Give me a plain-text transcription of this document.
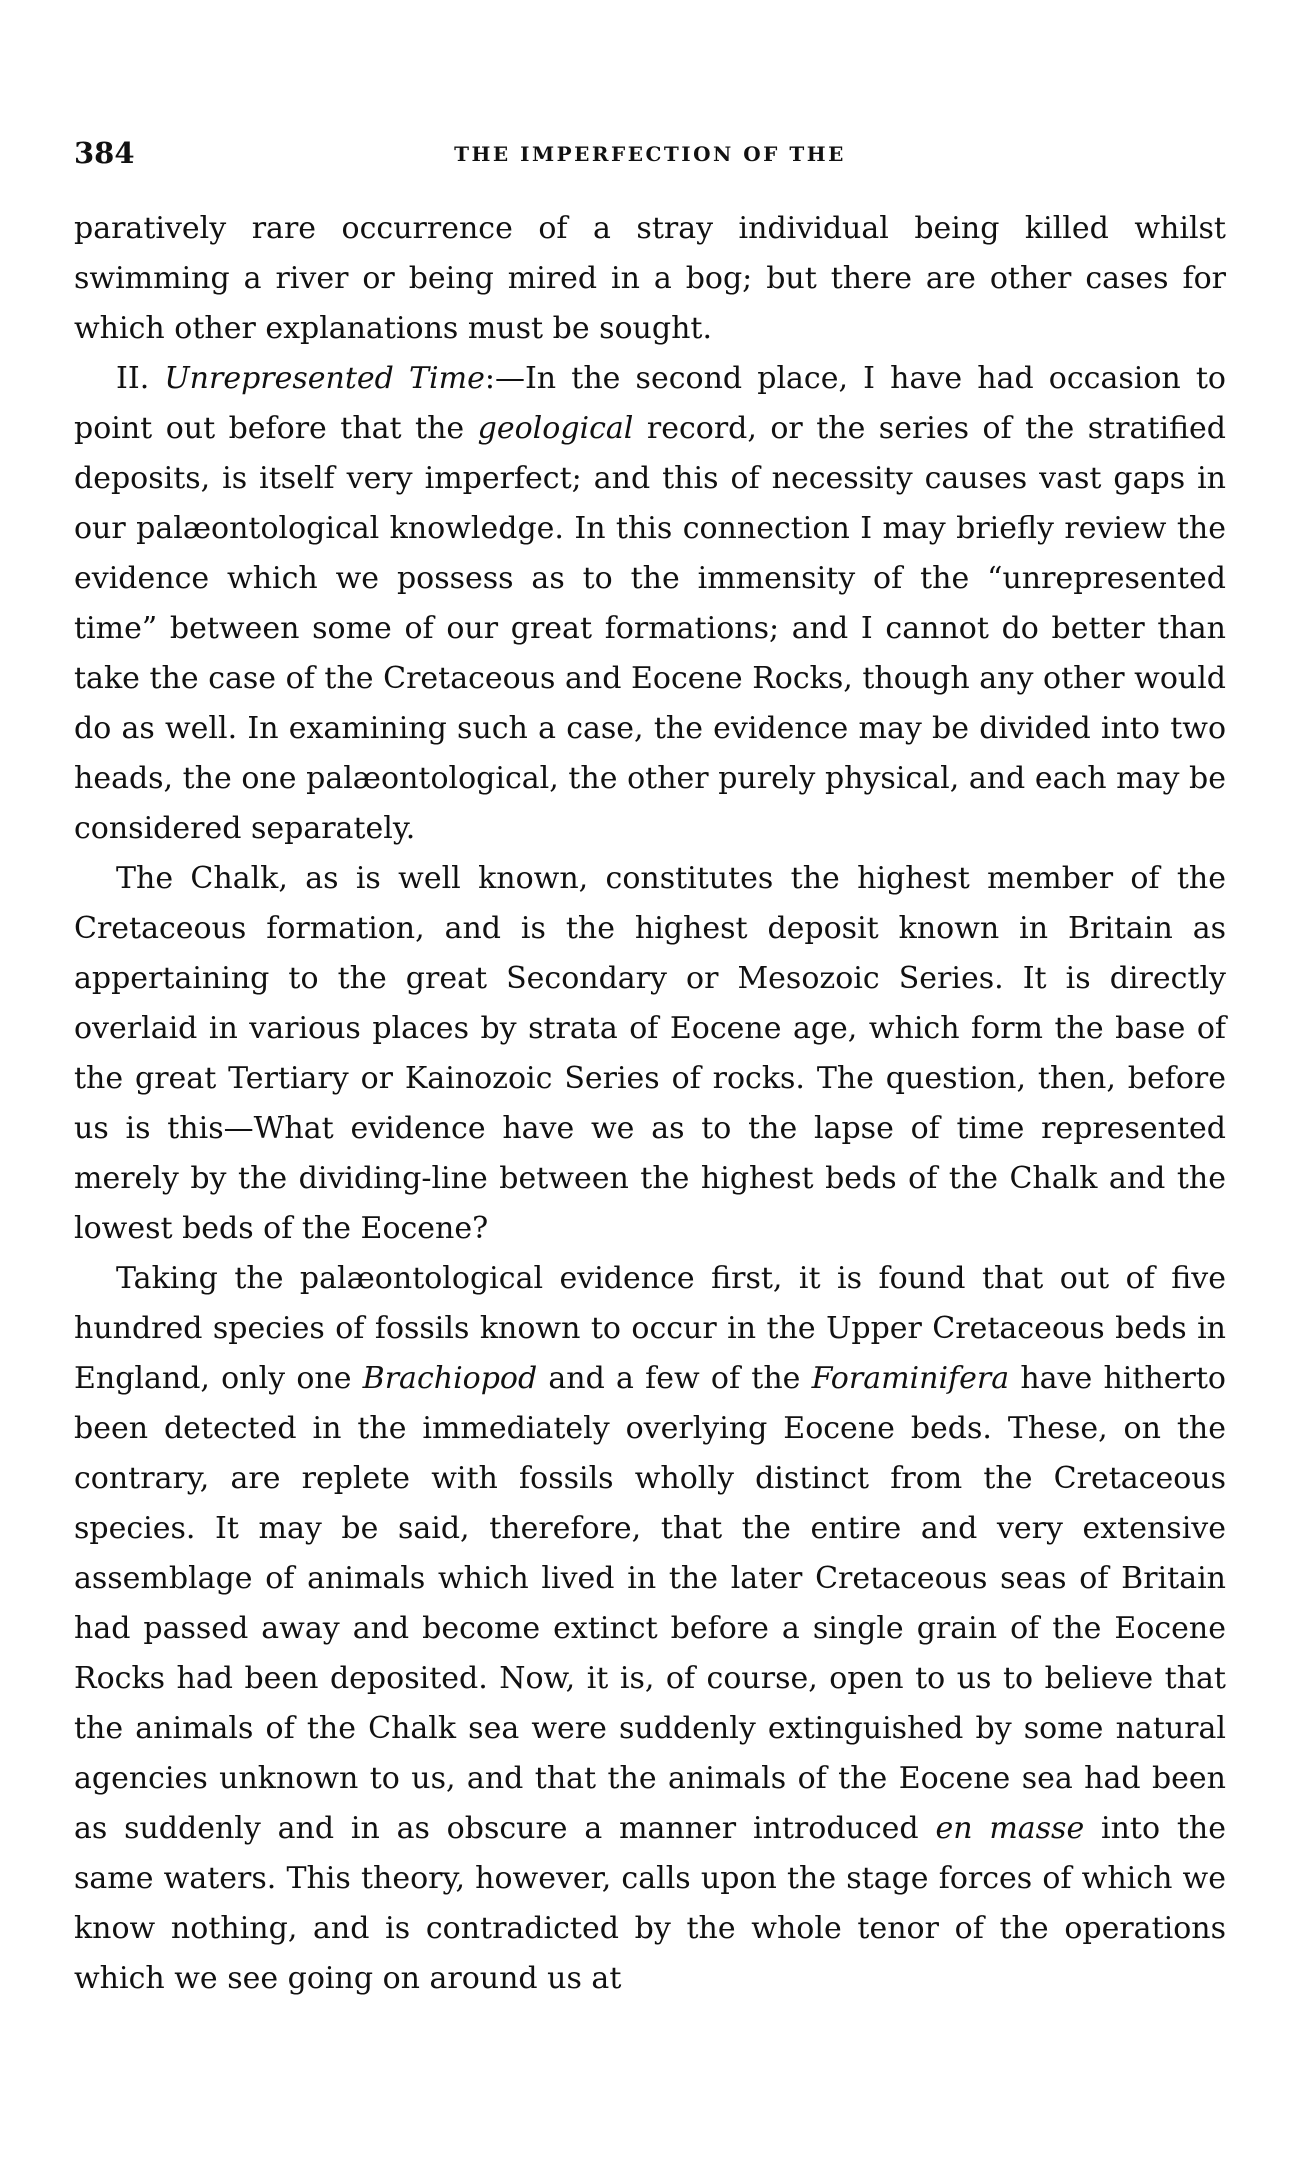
384	THE IMPERFECTION OF THE

paratively rare occurrence of a stray individual being killed whilst swimming a river or being mired in a bog; but there are other cases for which other explanations must be sought.

II. Unrepresented Time:—In the second place, I have had occasion to point out before that the geological record, or the series of the stratified deposits, is itself very imperfect; and this of necessity causes vast gaps in our palæontological knowledge. In this connection I may briefly review the evidence which we possess as to the immensity of the “unrepresented time” between some of our great formations; and I cannot do better than take the case of the Cretaceous and Eocene Rocks, though any other would do as well. In examining such a case, the evidence may be divided into two heads, the one palæontological, the other purely physical, and each may be considered separately.

The Chalk, as is well known, constitutes the highest member of the Cretaceous formation, and is the highest deposit known in Britain as appertaining to the great Secondary or Mesozoic Series. It is directly overlaid in various places by strata of Eocene age, which form the base of the great Tertiary or Kainozoic Series of rocks. The question, then, before us is this—What evidence have we as to the lapse of time represented merely by the dividing-line between the highest beds of the Chalk and the lowest beds of the Eocene?

Taking the palæontological evidence first, it is found that out of five hundred species of fossils known to occur in the Upper Cretaceous beds in England, only one Brachiopod and a few of the Foraminifera have hitherto been detected in the immediately overlying Eocene beds. These, on the contrary, are replete with fossils wholly distinct from the Cretaceous species. It may be said, therefore, that the entire and very extensive assemblage of animals which lived in the later Cretaceous seas of Britain had passed away and become extinct before a single grain of the Eocene Rocks had been deposited. Now, it is, of course, open to us to believe that the animals of the Chalk sea were suddenly extinguished by some natural agencies unknown to us, and that the animals of the Eocene sea had been as suddenly and in as obscure a manner introduced en masse into the same waters. This theory, however, calls upon the stage forces of which we know nothing, and is contradicted by the whole tenor of the operations which we see going on around us at
